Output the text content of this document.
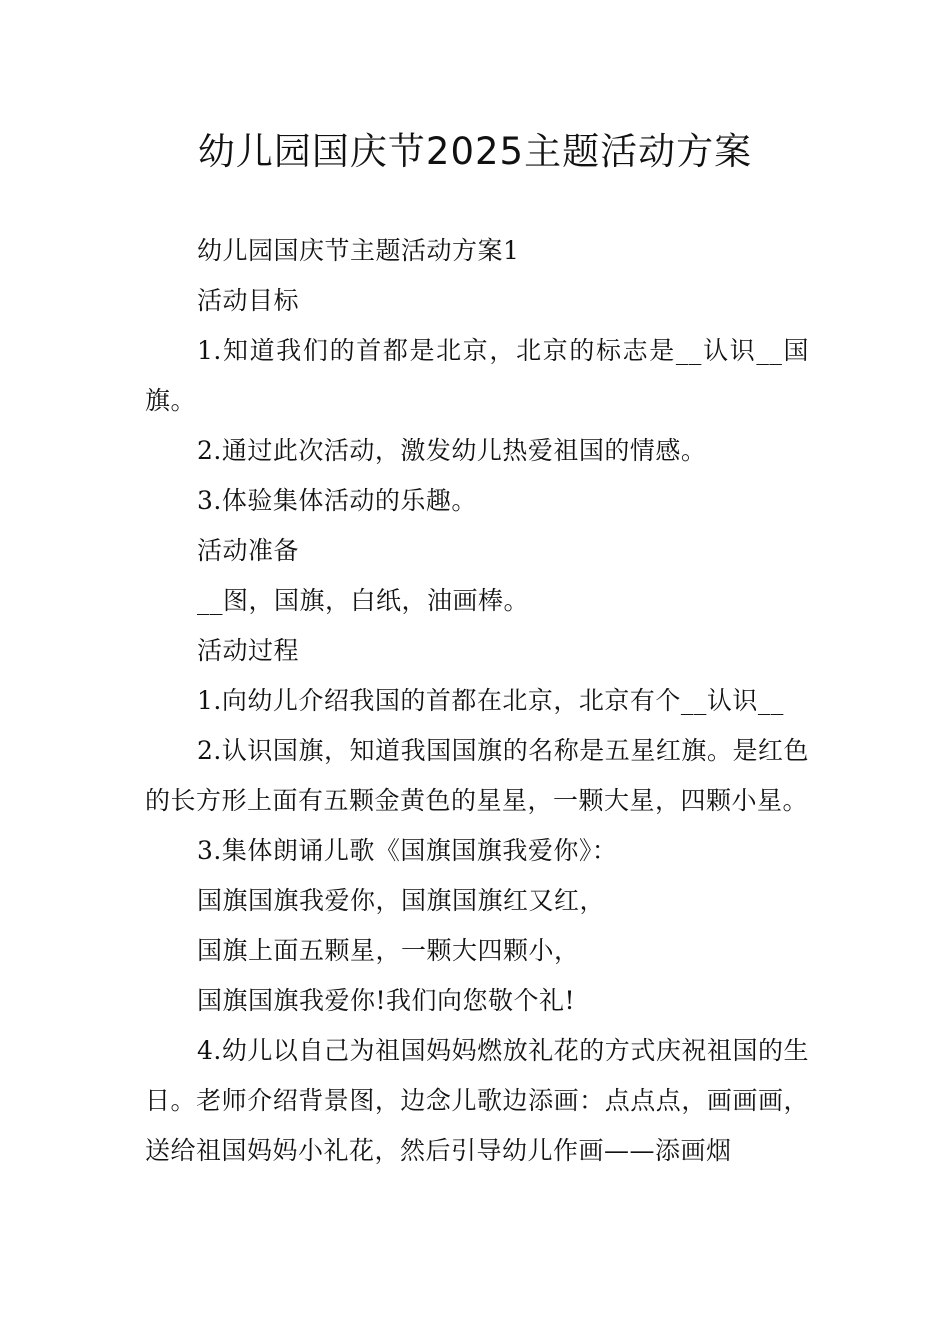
幼儿园国庆节2025主题活动方案

幼儿园国庆节主题活动方案1

活动目标

1.知道我们的首都是北京，北京的标志是__认识__国旗。

2.通过此次活动，激发幼儿热爱祖国的情感。

3.体验集体活动的乐趣。

活动准备

__图，国旗，白纸，油画棒。

活动过程

1.向幼儿介绍我国的首都在北京，北京有个__认识__

2.认识国旗，知道我国国旗的名称是五星红旗。是红色的长方形上面有五颗金黄色的星星，一颗大星，四颗小星。

3.集体朗诵儿歌《国旗国旗我爱你》：

国旗国旗我爱你，国旗国旗红又红，

国旗上面五颗星，一颗大四颗小，

国旗国旗我爱你!我们向您敬个礼!

4.幼儿以自己为祖国妈妈燃放礼花的方式庆祝祖国的生日。老师介绍背景图，边念儿歌边添画：点点点，画画画，送给祖国妈妈小礼花，然后引导幼儿作画——添画烟
